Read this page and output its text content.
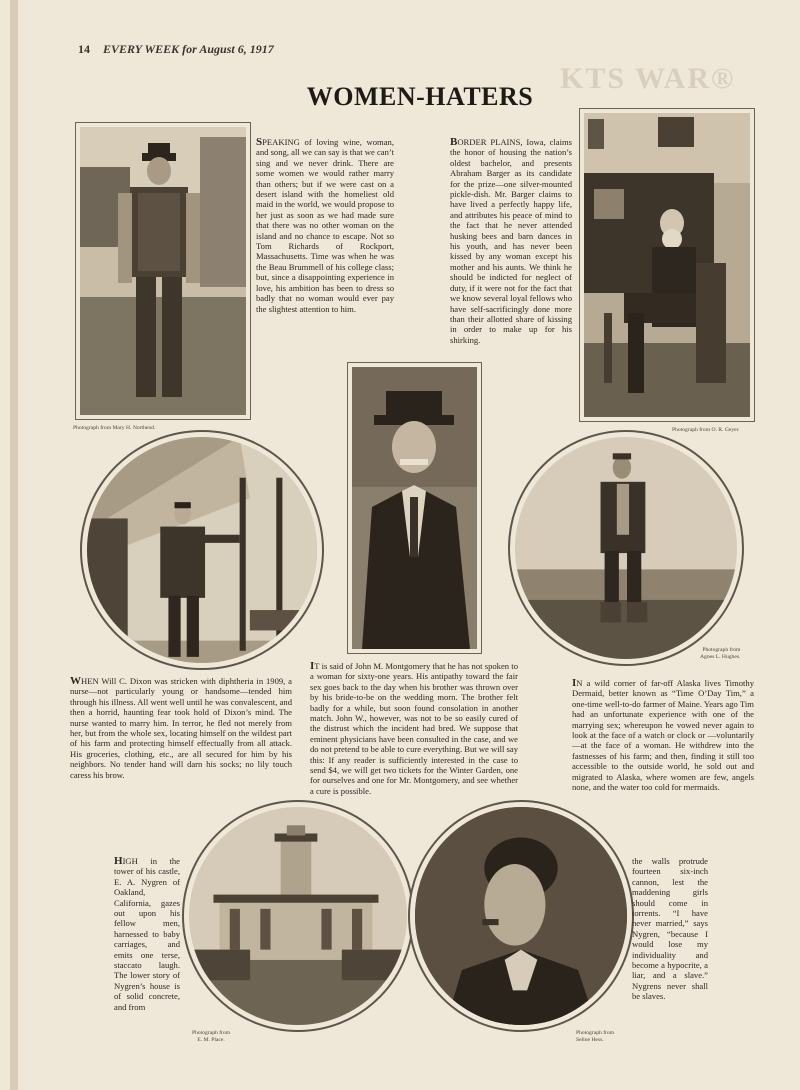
KTS WAR®
14 EVERY WEEK for August 6, 1917
WOMEN-HATERS
Photograph from Mary H. Northend.
SPEAKING of loving wine, woman, and song, all we can say is that we can’t sing and we never drink. There are some women we would rather marry than others; but if we were cast on a desert island with the homeliest old maid in the world, we would propose to her just as soon as we had made sure that there was no other woman on the island and no chance to escape. Not so Tom Richards of Rockport, Massachusetts. Time was when he was the Beau Brummell of his college class; but, since a disappointing experience in love, his ambition has been to dress so badly that no woman would ever pay the slightest attention to him.
BORDER PLAINS, Iowa, claims the honor of housing the nation’s oldest bachelor, and presents Abraham Barger as its candidate for the prize—one silver-mounted pickle-dish. Mr. Barger claims to have lived a perfectly happy life, and attributes his peace of mind to the fact that he never attended husking bees and barn dances in his youth, and has never been kissed by any woman except his mother and his aunts. We think he should be indicted for neglect of duty, if it were not for the fact that we know several loyal fellows who have self-sacrificingly done more than their allotted share of kissing in order to make up for his shirking.
Photograph from O. R. Geyer.
Photograph from
Agnes L. Hughes.
WHEN Will C. Dixon was stricken with diphtheria in 1909, a nurse—not particularly young or handsome—tended him through his illness. All went well until he was convalescent, and then a horrid, haunting fear took hold of Dixon’s mind. The nurse wanted to marry him. In terror, he fled not merely from her, but from the whole sex, locating himself on the wildest part of his farm and protecting himself effectually from all attack. His groceries, clothing, etc., are all secured for him by his neighbors. No tender hand will darn his socks; no lily touch caress his brow.
IT is said of John M. Montgomery that he has not spoken to a woman for sixty-one years. His antipathy toward the fair sex goes back to the day when his brother was thrown over by his bride-to-be on the wedding morn. The brother felt badly for a while, but soon found consolation in another match. John W., however, was not to be so easily cured of the distrust which the incident had bred. We suppose that eminent physicians have been consulted in the case, and we do not pretend to be able to cure everything. But we will say this: If any reader is sufficiently interested in the case to send $4, we will get two tickets for the Winter Garden, one for ourselves and one for Mr. Montgomery, and see whether a cure is possible.
IN a wild corner of far-off Alaska lives Timothy Dermaid, better known as “Time O’Day Tim,” a one-time well-to-do farmer of Maine. Years ago Tim had an unfortunate experience with one of the marrying sex; whereupon he vowed never again to look at the face of a watch or clock or —voluntarily—at the face of a woman. He withdrew into the fastnesses of his farm; and then, finding it still too accessible to the outside world, he sold out and migrated to Alaska, where women are few, angels none, and the water too cold for mermaids.
HIGH in the tower of his castle, E. A. Nygren of Oakland, California, gazes out upon his fellow men, harnessed to baby carriages, and emits one terse, staccato laugh. The lower story of Nygren’s house is of solid concrete, and from
Photograph from
E. M. Place.
Photograph from
Seline Hess.
the walls protrude fourteen six-inch cannon, lest the maddening girls should come in torrents. “I have never married,” says Nygren, “because I would lose my individuality and become a hypocrite, a liar, and a slave.” Nygrens never shall be slaves.
